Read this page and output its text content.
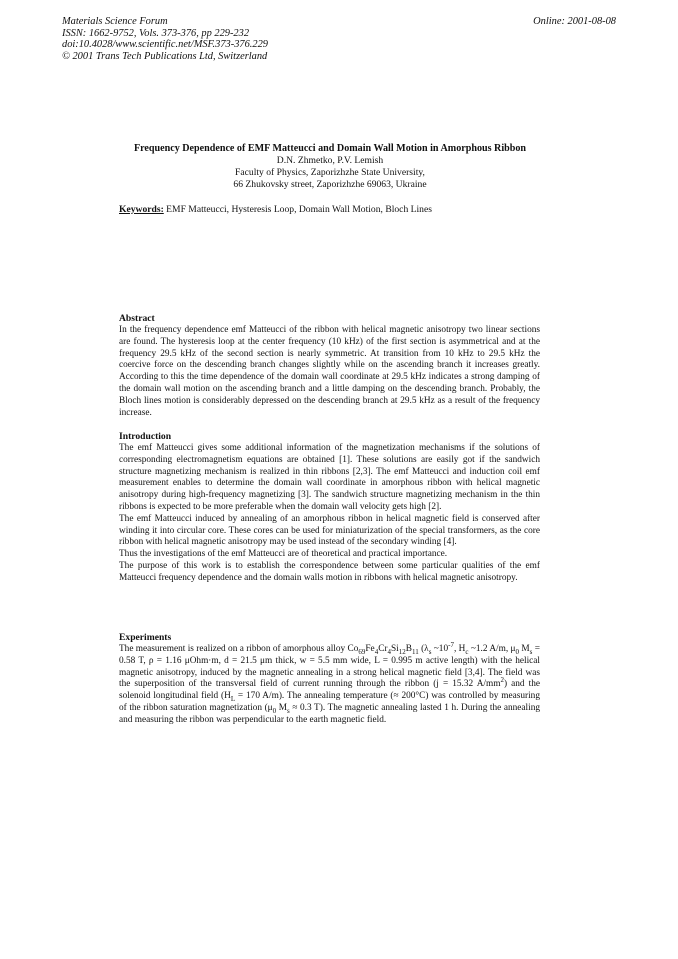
Materials Science Forum
ISSN: 1662-9752, Vols. 373-376, pp 229-232
doi:10.4028/www.scientific.net/MSF.373-376.229
© 2001 Trans Tech Publications Ltd, Switzerland
Online: 2001-08-08
Frequency Dependence of EMF Matteucci and Domain Wall Motion in Amorphous Ribbon
D.N. Zhmetko, P.V. Lemish
Faculty of Physics, Zaporizhzhe State University,
66 Zhukovsky street, Zaporizhzhe 69063, Ukraine
Keywords: EMF Matteucci, Hysteresis Loop, Domain Wall Motion, Bloch Lines
Abstract

In the frequency dependence emf Matteucci of the ribbon with helical magnetic anisotropy two linear sections are found. The hysteresis loop at the center frequency (10 kHz) of the first section is asymmetrical and at the frequency 29.5 kHz of the second section is nearly symmetric. At transition from 10 kHz to 29.5 kHz the coercive force on the descending branch changes slightly while on the ascending branch it increases greatly. According to this the time dependence of the domain wall coordinate at 29.5 kHz indicates a strong damping of the domain wall motion on the ascending branch and a little damping on the descending branch. Probably, the Bloch lines motion is considerably depressed on the descending branch at 29.5 kHz as a result of the frequency increase.

Introduction

The emf Matteucci gives some additional information of the magnetization mechanisms if the solutions of corresponding electromagnetism equations are obtained [1]. These solutions are easily got if the sandwich structure magnetizing mechanism is realized in thin ribbons [2,3]. The emf Matteucci and induction coil emf measurement enables to determine the domain wall coordinate in amorphous ribbon with helical magnetic anisotropy during high-frequency magnetizing [3]. The sandwich structure magnetizing mechanism in the thin ribbons is expected to be more preferable when the domain wall velocity gets high [2].

The emf Matteucci induced by annealing of an amorphous ribbon in helical magnetic field is conserved after winding it into circular core. These cores can be used for miniaturization of the special transformers, as the core ribbon with helical magnetic anisotropy may be used instead of the secondary winding [4].

Thus the investigations of the emf Matteucci are of theoretical and practical importance.

The purpose of this work is to establish the correspondence between some particular qualities of the emf Matteucci frequency dependence and the domain walls motion in ribbons with helical magnetic anisotropy.

Experiments

The measurement is realized on a ribbon of amorphous alloy $Co_{69}Fe_4Cr_4Si_{12}B_{11}$ ($\lambda_s$ $\sim 10^{-7}$, $H_c$ ~1.2 A/m, $\mu_0$ $M_s = 0.58$ T, ρ = 1.16 μOhm·m, d = 21.5 μm thick, w = 5.5 mm wide, L = 0.995 m active length) with the helical magnetic anisotropy, induced by the magnetic annealing in a strong helical magnetic field [3,4]. The field was the superposition of the transversal field of current running through the ribbon (j = 15.32 $A/mm^2$) and the solenoid longitudinal field ($H_L = 170$ A/m). The annealing temperature (≈ 200°C) was controlled by measuring of the ribbon saturation magnetization ($\mu_0$ $M_s \approx 0.3$ T). The magnetic annealing lasted 1 h. During the annealing and measuring the ribbon was perpendicular to the earth magnetic field.
